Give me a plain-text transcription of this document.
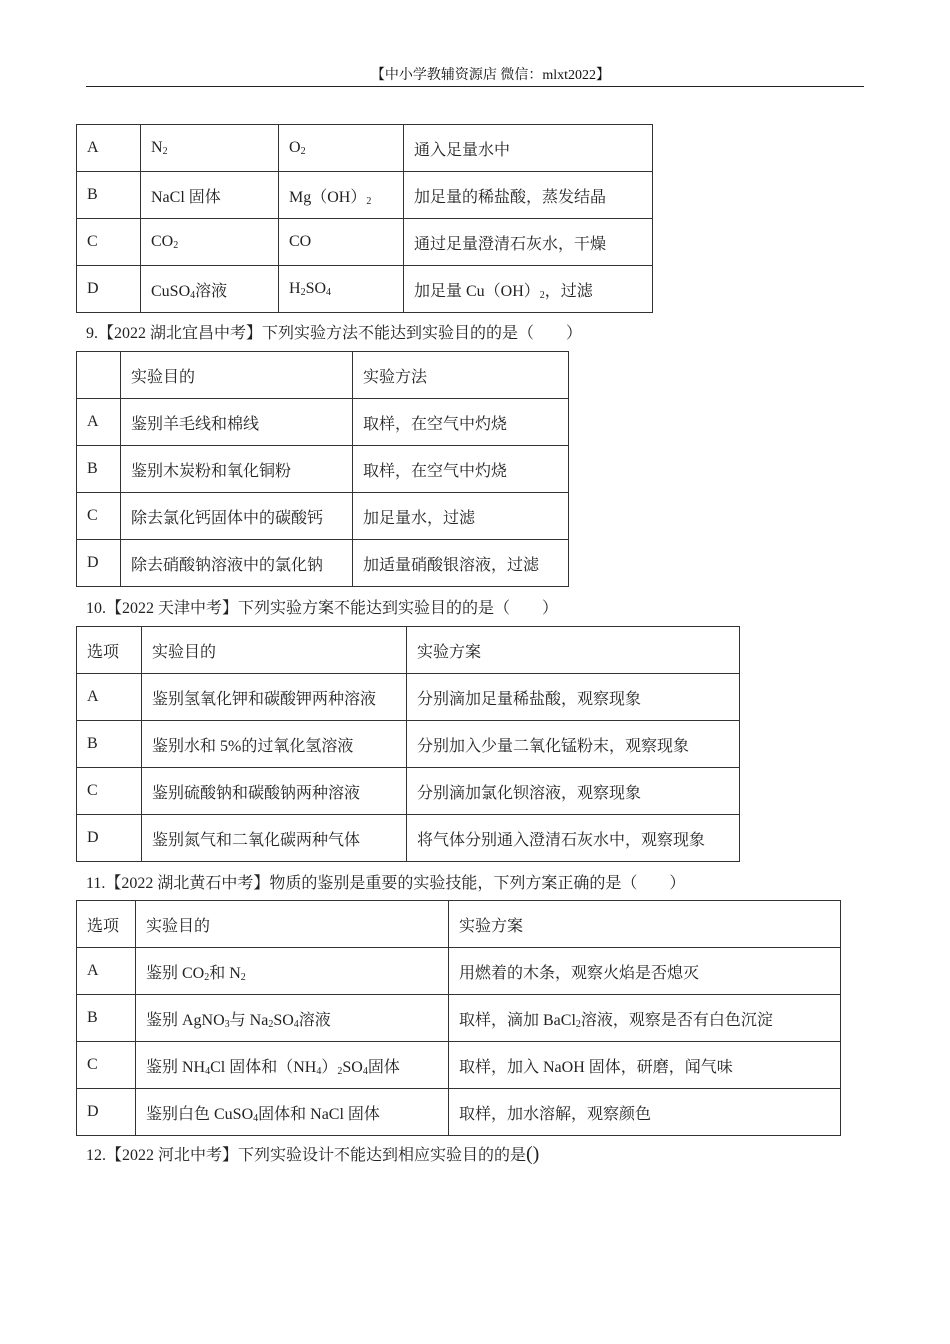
【中小学教辅资源店 微信：mlxt2022】
A	$N_2$	$O_2$	通入足量水中
B	NaCl 固体	$Mg(OH)_2$	加足量的稀盐酸，蒸发结晶
C	$CO_2$	CO	通过足量澄清石灰水，干燥
D	CuSO$_4$溶液	$H_2SO_4$	加足量 $Cu(OH)_2$，过滤
9.【2022 湖北宜昌中考】下列实验方法不能达到实验目的的是（　　）
	实验目的	实验方法
A	鉴别羊毛线和棉线	取样，在空气中灼烧
B	鉴别木炭粉和氧化铜粉	取样，在空气中灼烧
C	除去氯化钙固体中的碳酸钙	加足量水，过滤
D	除去硝酸钠溶液中的氯化钠	加适量硝酸银溶液，过滤
10.【2022 天津中考】下列实验方案不能达到实验目的的是（　　）
选项	实验目的	实验方案
A	鉴别氢氧化钾和碳酸钾两种溶液	分别滴加足量稀盐酸，观察现象
B	鉴别水和 5%的过氧化氢溶液	分别加入少量二氧化锰粉末，观察现象
C	鉴别硫酸钠和碳酸钠两种溶液	分别滴加氯化钡溶液，观察现象
D	鉴别氮气和二氧化碳两种气体	将气体分别通入澄清石灰水中，观察现象
11.【2022 湖北黄石中考】物质的鉴别是重要的实验技能，下列方案正确的是（　　）
选项	实验目的	实验方案
A	鉴别 $CO_2$和 $N_2$	用燃着的木条，观察火焰是否熄灭
B	鉴别 AgNO$_3$与 $Na_2SO_4$溶液	取样，滴加 BaCl$_2$溶液，观察是否有白色沉淀
C	鉴别 $NH_4Cl$ 固体和$(NH_4)_2SO_4$固体	取样，加入 NaOH 固体，研磨，闻气味
D	鉴别白色 CuSO$_4$固体和 NaCl 固体	取样，加水溶解，观察颜色
12.【2022 河北中考】下列实验设计不能达到相应实验目的的是()
